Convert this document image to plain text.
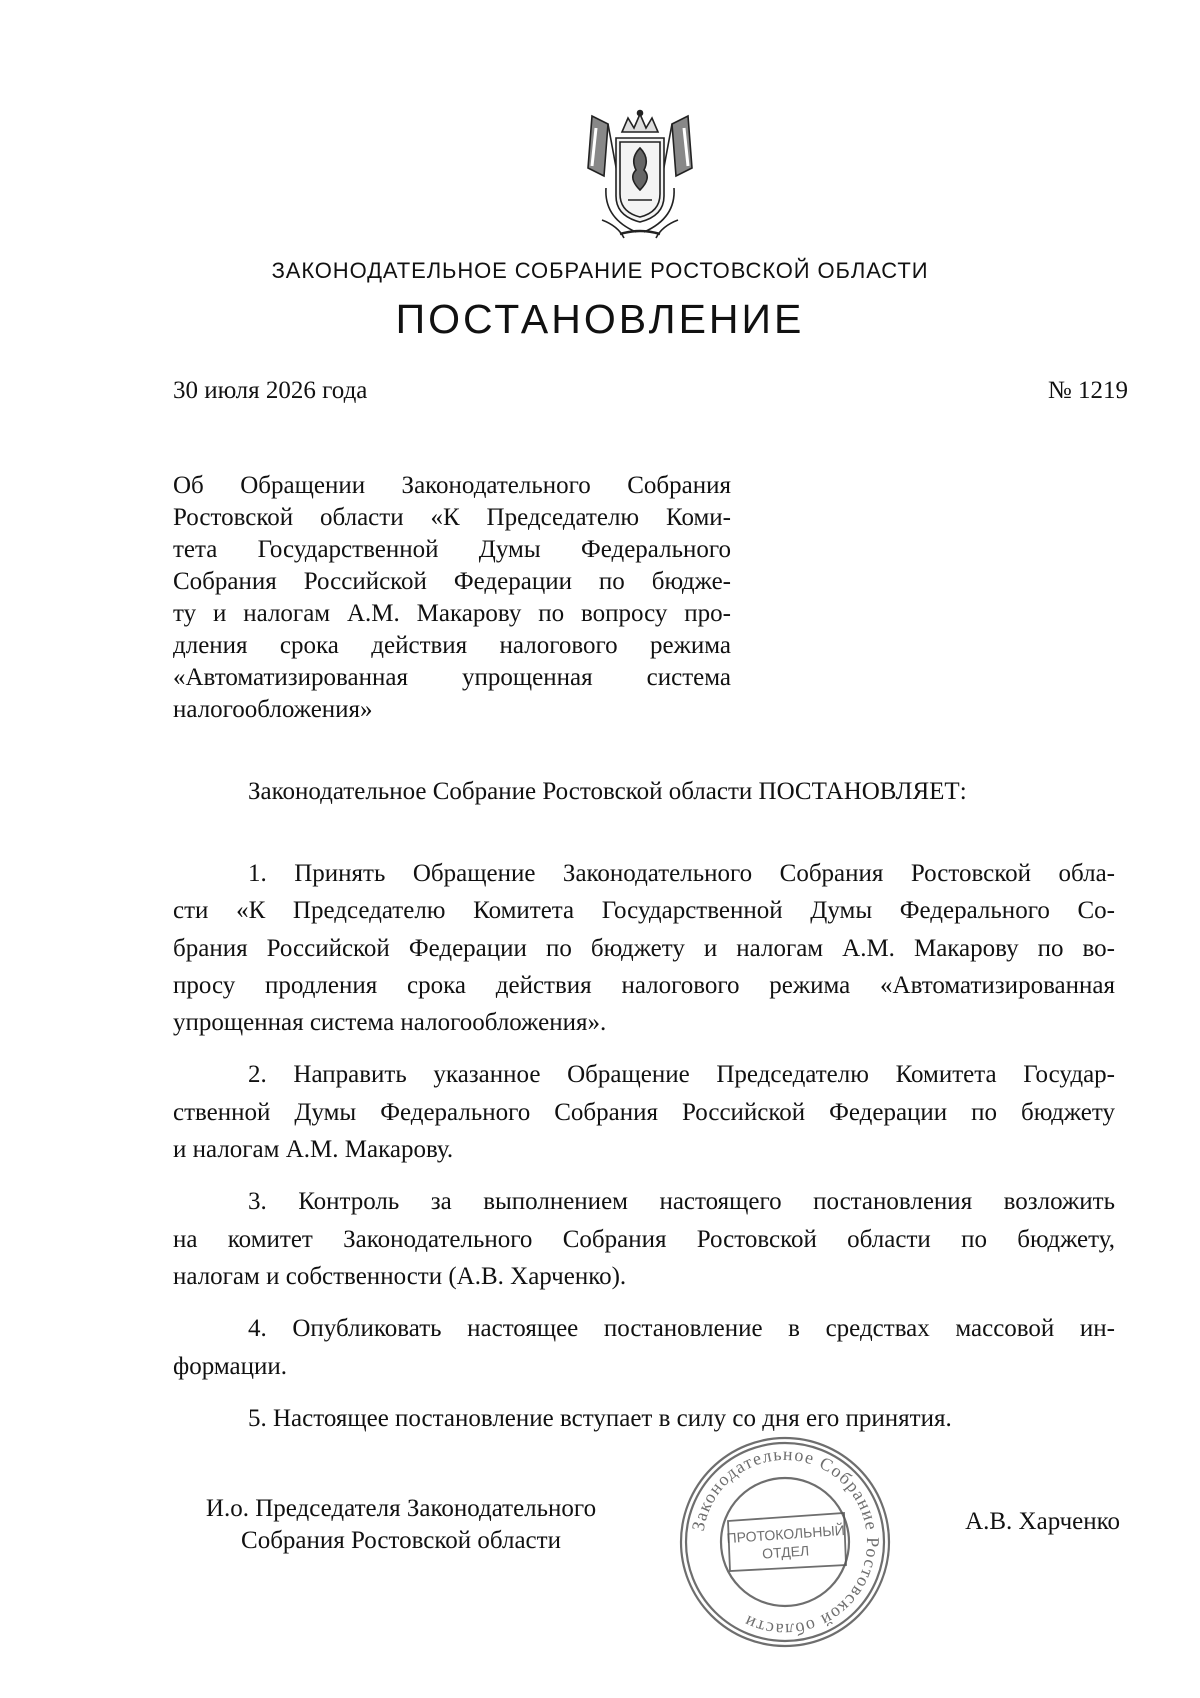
ЗАКОНОДАТЕЛЬНОЕ СОБРАНИЕ РОСТОВСКОЙ ОБЛАСТИ
ПОСТАНОВЛЕНИЕ
30 июля 2026 года	№ 1219
Об Обращении Законодательного Собрания
Ростовской области «К Председателю Коми-
тета Государственной Думы Федерального
Собрания Российской Федерации по бюдже-
ту и налогам А.М. Макарову по вопросу про-
дления срока действия налогового режима
«Автоматизированная упрощенная система
налогообложения»
Законодательное Собрание Ростовской области ПОСТАНОВЛЯЕТ:
1. Принять Обращение Законодательного Собрания Ростовской обла-
сти «К Председателю Комитета Государственной Думы Федерального Со-
брания Российской Федерации по бюджету и налогам А.М. Макарову по во-
просу продления срока действия налогового режима «Автоматизированная
упрощенная система налогообложения».
2. Направить указанное Обращение Председателю Комитета Государ-
ственной Думы Федерального Собрания Российской Федерации по бюджету
и налогам А.М. Макарову.
3. Контроль за выполнением настоящего постановления возложить
на комитет Законодательного Собрания Ростовской области по бюджету,
налогам и собственности (А.В. Харченко).
4. Опубликовать настоящее постановление в средствах массовой ин-
формации.
5. Настоящее постановление вступает в силу со дня его принятия.
И.о. Председателя Законодательного
Собрания Ростовской области
А.В. Харченко
Законодательное Собрание Ростовской области
ПРОТОКОЛЬНЫЙ
ОТДЕЛ
